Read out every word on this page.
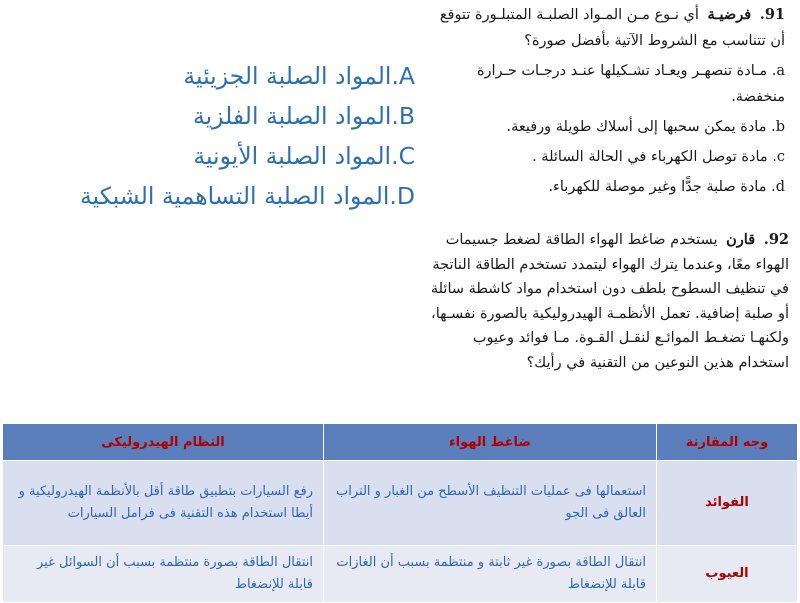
91. فرضيـة أي نـوع مـن المـواد الصلبـة المتبلـورة تتوقع أن تتناسب مع الشروط الآتية بأفضل صورة؟
a. مـادة تنصهـر ويعـاد تشـكيلها عنـد درجـات حـرارة منخفضة.
b. مادة يمكن سحبها إلى أسلاك طويلة ورفيعة.
c. مادة توصل الكهرباء في الحالة السائلة .
d. مادة صلبة جدًّا وغير موصلة للكهرباء.
A.المواد الصلبة الجزيئية
B.المواد الصلبة الفلزية
C.المواد الصلبة الأيونية
D.المواد الصلبة التساهمية الشبكية
92. قارن يستخدم ضاغط الهواء الطاقة لضغط جسيمات الهواء معًا، وعندما يترك الهواء ليتمدد تستخدم الطاقة الناتجة في تنظيف السطوح بلطف دون استخدام مواد كاشطة سائلة أو صلبة إضافية. تعمل الأنظمـة الهيدروليكية بالصورة نفسـها، ولكنهـا تضغـط الموائـع لنقـل القـوة. مـا فوائد وعيوب استخدام هذين النوعين من التقنية في رأيك؟
وجه المقارنة	ضاغط الهواء	النظام الهيدروليكى
الفوائد	استعمالها فى عمليات التنظيف الأسطح من الغبار و التراب العالق فى الجو	رفع السيارات بتطبيق طاقة أقل بالأنظمة الهيدروليكية و أيطا استخدام هذه التقنية فى فرامل السيارات
العيوب	انتقال الطاقة بصورة غير ثابتة و منتظمة بسبب أن الغازات قابلة للإنضغاط	انتقال الطاقة بصورة منتظمة بسبب أن السوائل غير قابلة للإنضغاط
